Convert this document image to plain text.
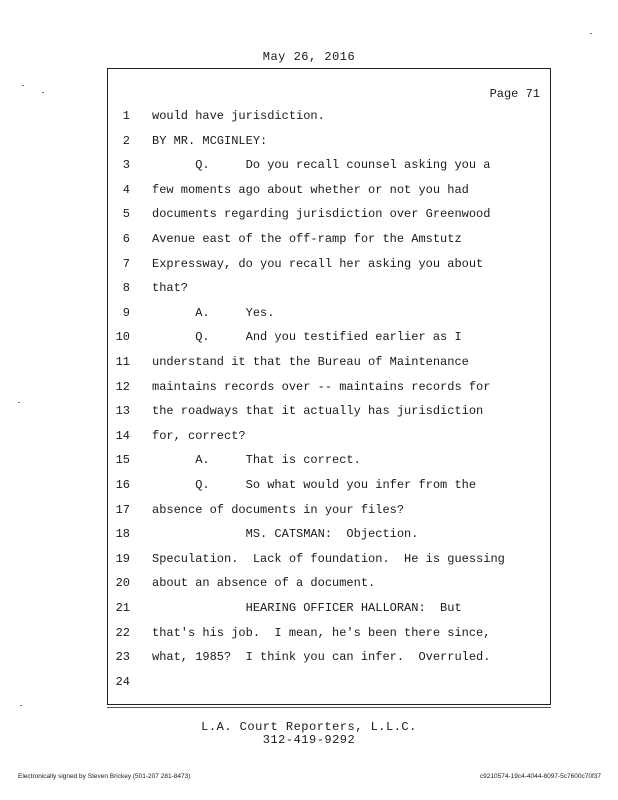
May 26, 2016
Page 71
1 would have jurisdiction.
2 BY MR. MCGINLEY:
3 Q.     Do you recall counsel asking you a
4 few moments ago about whether or not you had
5 documents regarding jurisdiction over Greenwood
6 Avenue east of the off-ramp for the Amstutz
7 Expressway, do you recall her asking you about
8 that?
9 A.     Yes.
10 Q.     And you testified earlier as I
11 understand it that the Bureau of Maintenance
12 maintains records over -- maintains records for
13 the roadways that it actually has jurisdiction
14 for, correct?
15 A.     That is correct.
16 Q.     So what would you infer from the
17 absence of documents in your files?
18 MS. CATSMAN:  Objection.
19 Speculation.  Lack of foundation.  He is guessing
20 about an absence of a document.
21 HEARING OFFICER HALLORAN:  But
22 that's his job.  I mean, he's been there since,
23 what, 1985?  I think you can infer.  Overruled.
24
L.A. Court Reporters, L.L.C.
312-419-9292
Electronically signed by Steven Brickey (501-207 281-8473)	c9210574-19c4-4044-8097-5c7600c70f37
